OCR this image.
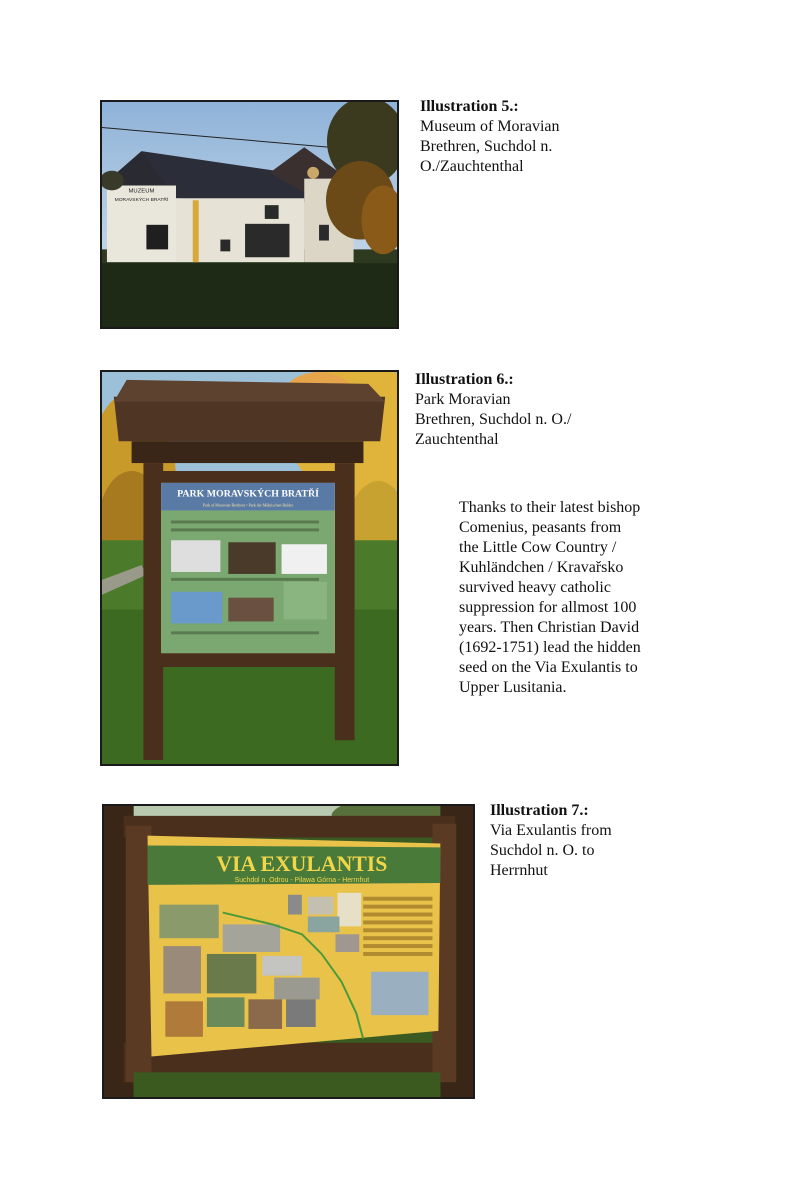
MUZEUM
MORAVSKÝCH BRATŘÍ
Illustration 5.:
Museum of Moravian
Brethren, Suchdol n.
O./Zauchtenthal
PARK MORAVSKÝCH BRATŘÍ
Park of Moravian Brethren • Park der Mährischen Brüder
Illustration 6.:
Park Moravian
Brethren, Suchdol n. O./
Zauchtenthal
Thanks to their latest bishop
Comenius, peasants from
the Little Cow Country /
Kuhländchen / Kravařsko
survived heavy catholic
suppression for allmost 100
years. Then Christian David
(1692-1751) lead the hidden
seed on the Via Exulantis to
Upper Lusitania.
VIA EXULANTIS
Suchdol n. Odrou - Pilawa Górna - Herrnhut
Illustration 7.:
Via Exulantis from
Suchdol n. O. to
Herrnhut
